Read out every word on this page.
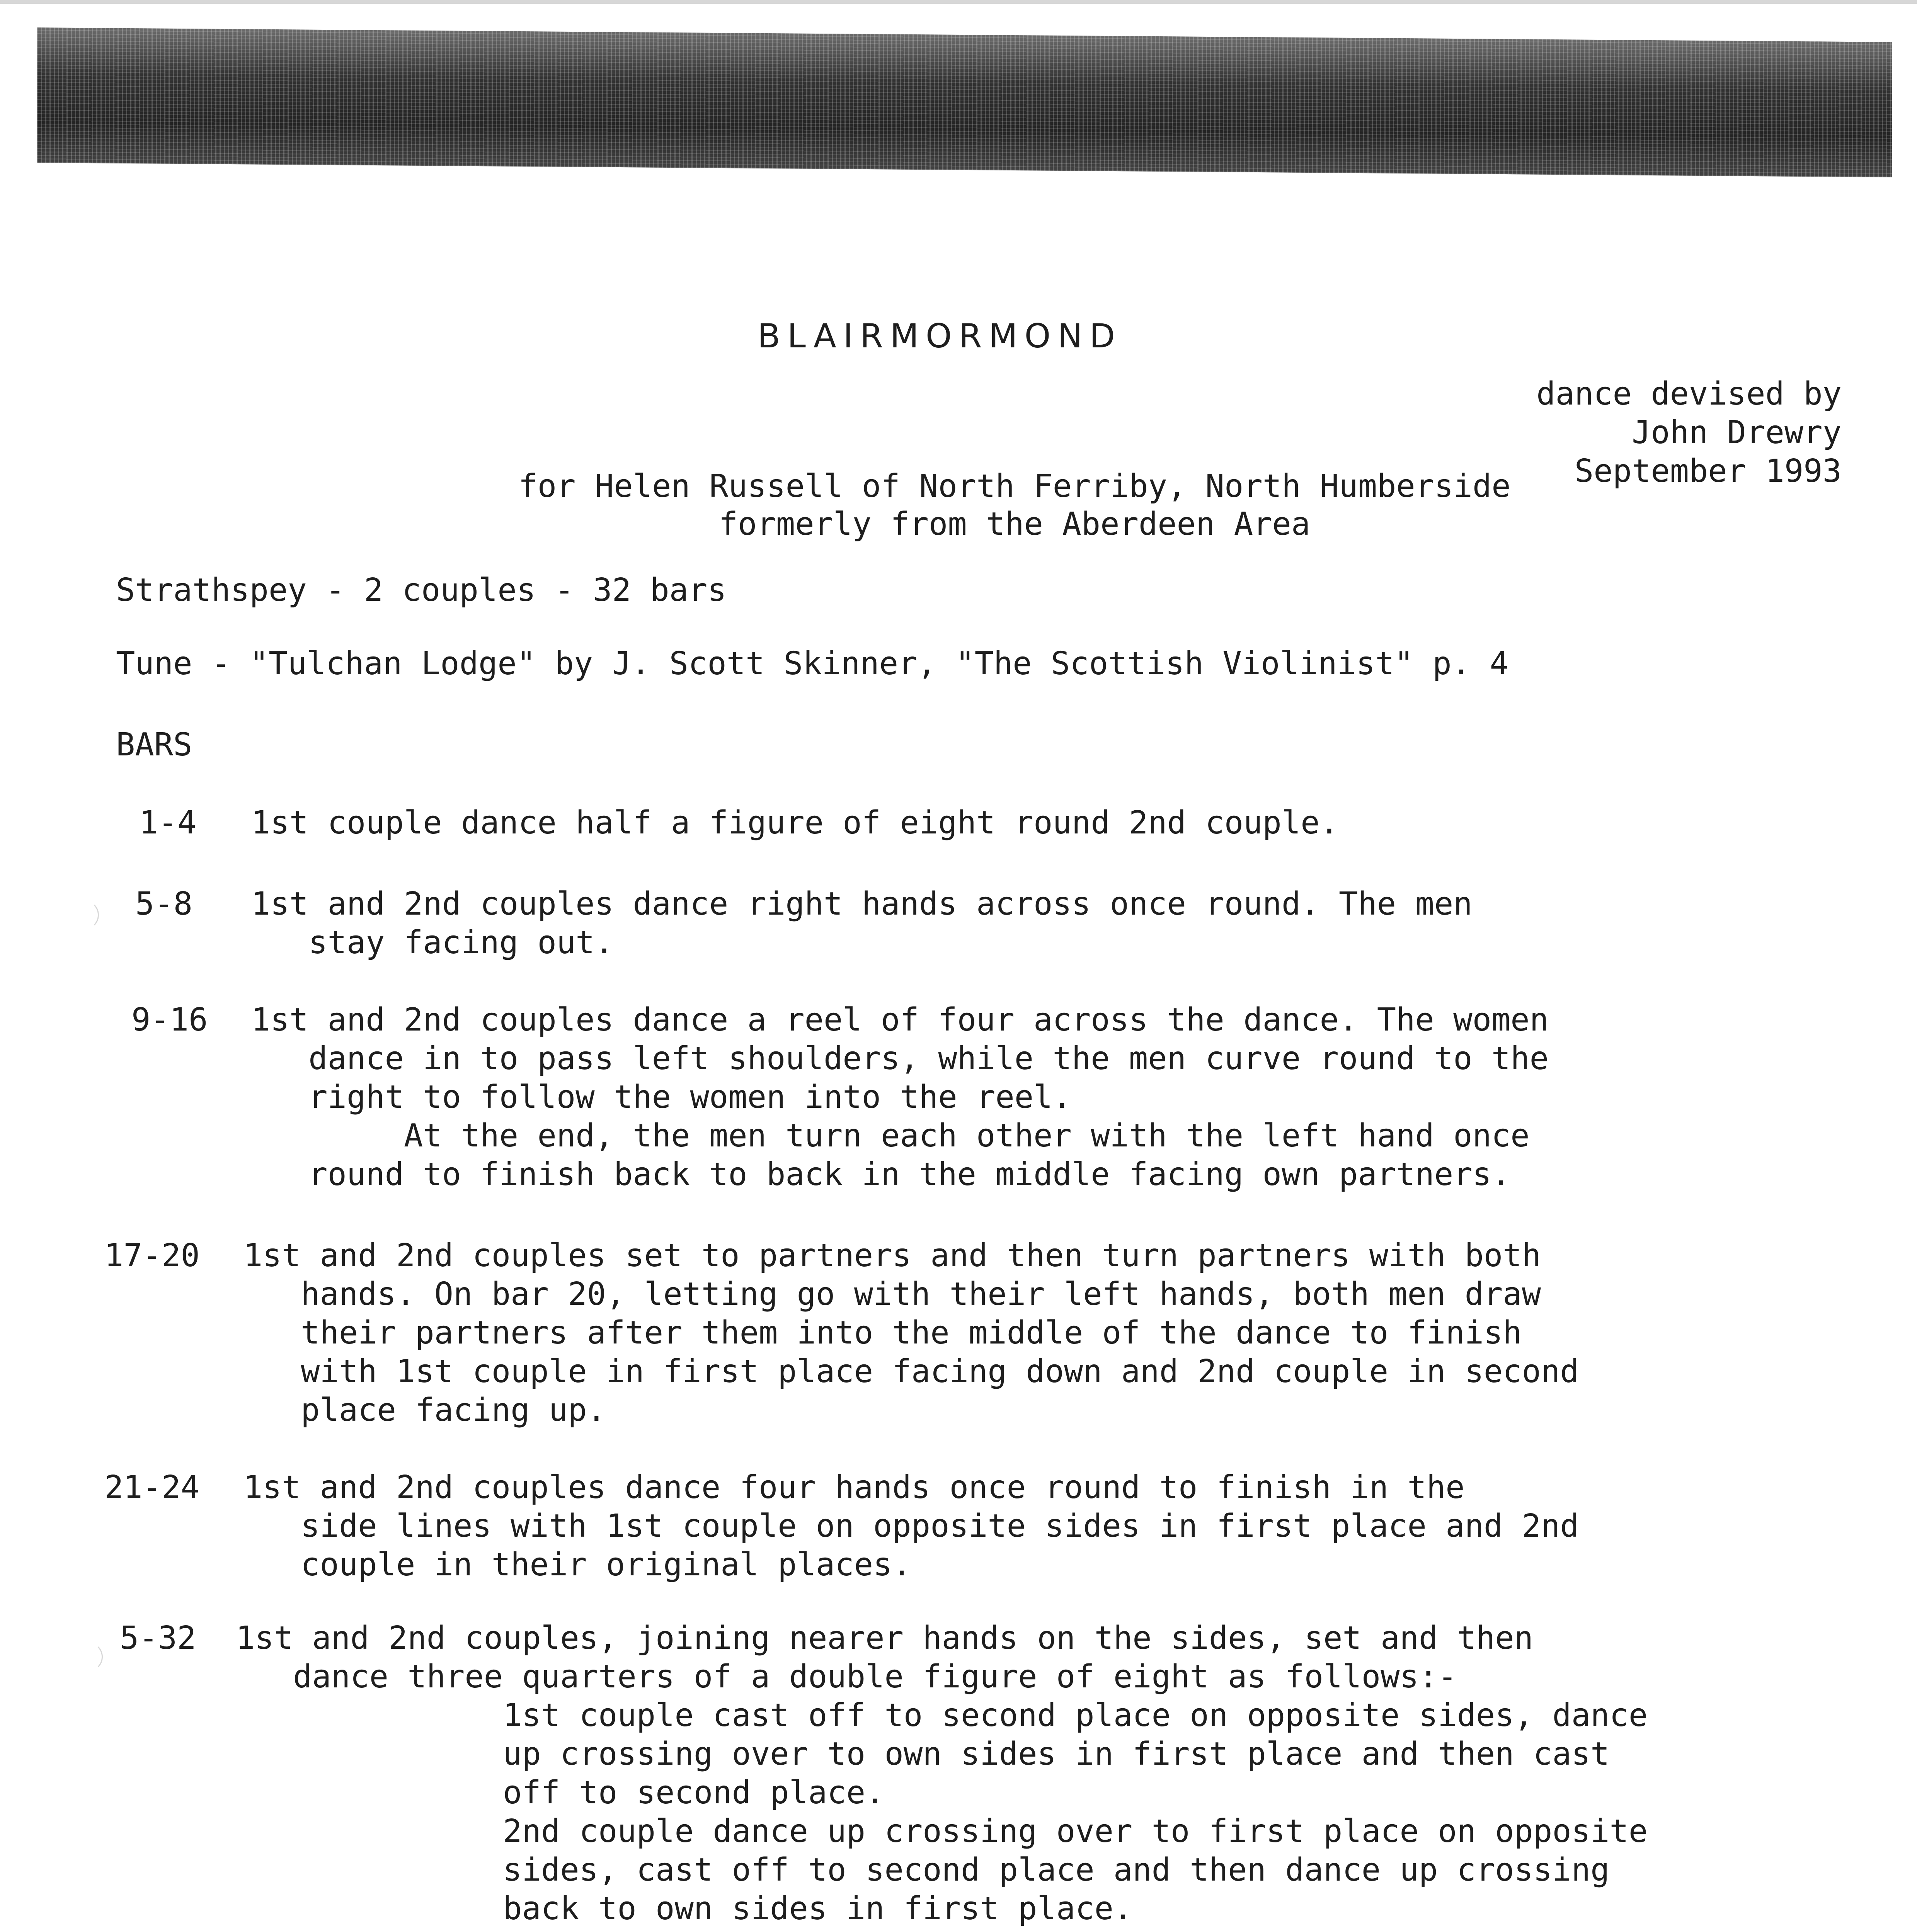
BLAIRMORMOND
dance devised by
John Drewry
September 1993
for Helen Russell of North Ferriby, North Humberside
formerly from the Aberdeen Area
Strathspey - 2 couples - 32 bars
Tune - "Tulchan Lodge" by J. Scott Skinner, "The Scottish Violinist" p. 4
BARS
1-4 1st couple dance half a figure of eight round 2nd couple.
5-8 1st and 2nd couples dance right hands across once round. The men
stay facing out.
9-16 1st and 2nd couples dance a reel of four across the dance. The women
dance in to pass left shoulders, while the men curve round to the
right to follow the women into the reel.
At the end, the men turn each other with the left hand once
round to finish back to back in the middle facing own partners.
17-20 1st and 2nd couples set to partners and then turn partners with both
hands. On bar 20, letting go with their left hands, both men draw
their partners after them into the middle of the dance to finish
with 1st couple in first place facing down and 2nd couple in second
place facing up.
21-24 1st and 2nd couples dance four hands once round to finish in the
side lines with 1st couple on opposite sides in first place and 2nd
couple in their original places.
5-32 1st and 2nd couples, joining nearer hands on the sides, set and then
dance three quarters of a double figure of eight as follows:-
1st couple cast off to second place on opposite sides, dance
up crossing over to own sides in first place and then cast
off to second place.
2nd couple dance up crossing over to first place on opposite
sides, cast off to second place and then dance up crossing
back to own sides in first place.
